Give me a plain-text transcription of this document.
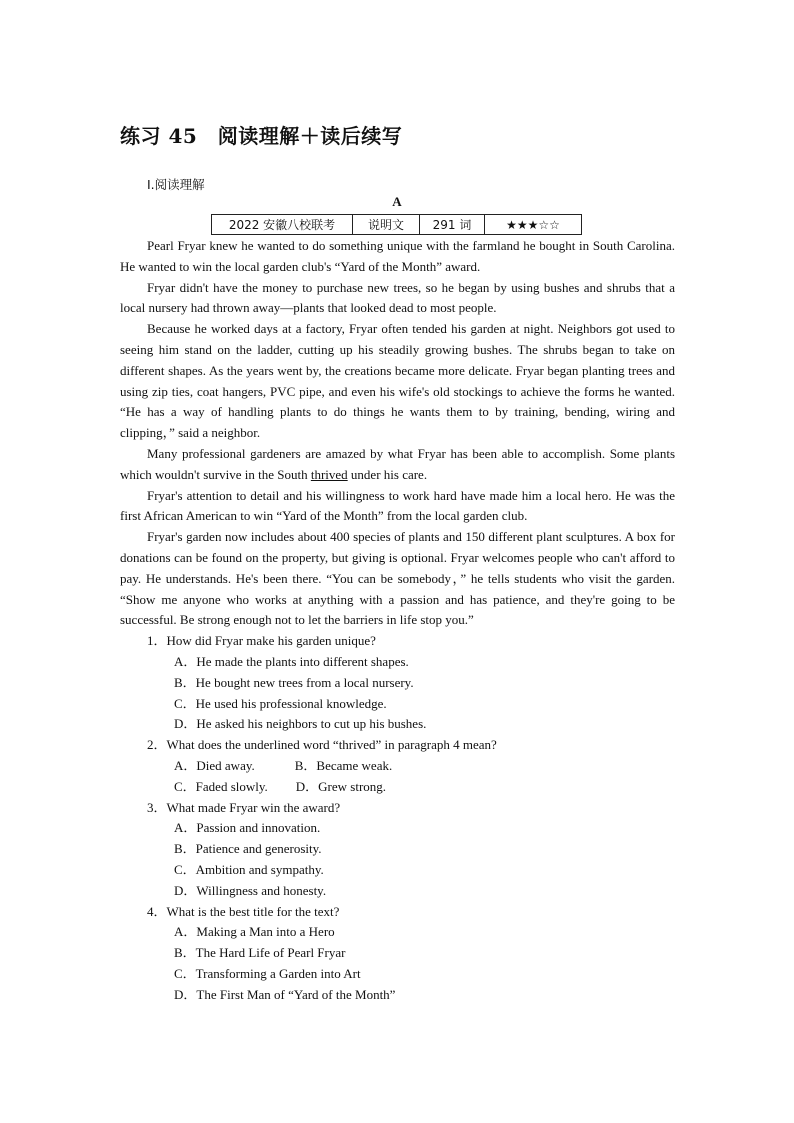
练习 45　阅读理解＋读后续写
Ⅰ.阅读理解
A
2022 安徽八校联考	说明文	291 词	★★★☆☆

Pearl Fryar knew he wanted to do something unique with the farmland he bought in South Carolina. He wanted to win the local garden club's “Yard of the Month” award.

Fryar didn't have the money to purchase new trees, so he began by using bushes and shrubs that a local nursery had thrown away—plants that looked dead to most people.

Because he worked days at a factory, Fryar often tended his garden at night. Neighbors got used to seeing him stand on the ladder, cutting up his steadily growing bushes. The shrubs began to take on different shapes. As the years went by, the creations became more delicate. Fryar began planting trees and using zip ties, coat hangers, PVC pipe, and even his wife's old stockings to achieve the forms he wanted. “He has a way of handling plants to do things he wants them to by training, bending, wiring and clipping，” said a neighbor.

Many professional gardeners are amazed by what Fryar has been able to accomplish. Some plants which wouldn't survive in the South thrived under his care.

Fryar's attention to detail and his willingness to work hard have made him a local hero. He was the first African American to win “Yard of the Month” from the local garden club.

Fryar's garden now includes about 400 species of plants and 150 different plant sculptures. A box for donations can be found on the property, but giving is optional. Fryar welcomes people who can't afford to pay. He understands. He's been there. “You can be somebody，” he tells students who visit the garden. “Show me anyone who works at anything with a passion and has patience, and they're going to be successful. Be strong enough not to let the barriers in life stop you.”

1．How did Fryar make his garden unique?

A．He made the plants into different shapes.

B．He bought new trees from a local nursery.

C．He used his professional knowledge.

D．He asked his neighbors to cut up his bushes.

2．What does the underlined word “thrived” in paragraph 4 mean?

A．Died away.	B．Became weak.

C．Faded slowly. D．Grew strong.

3．What made Fryar win the award?

A．Passion and innovation.

B．Patience and generosity.

C．Ambition and sympathy.

D．Willingness and honesty.

4．What is the best title for the text?

A．Making a Man into a Hero

B．The Hard Life of Pearl Fryar

C．Transforming a Garden into Art

D．The First Man of “Yard of the Month”
